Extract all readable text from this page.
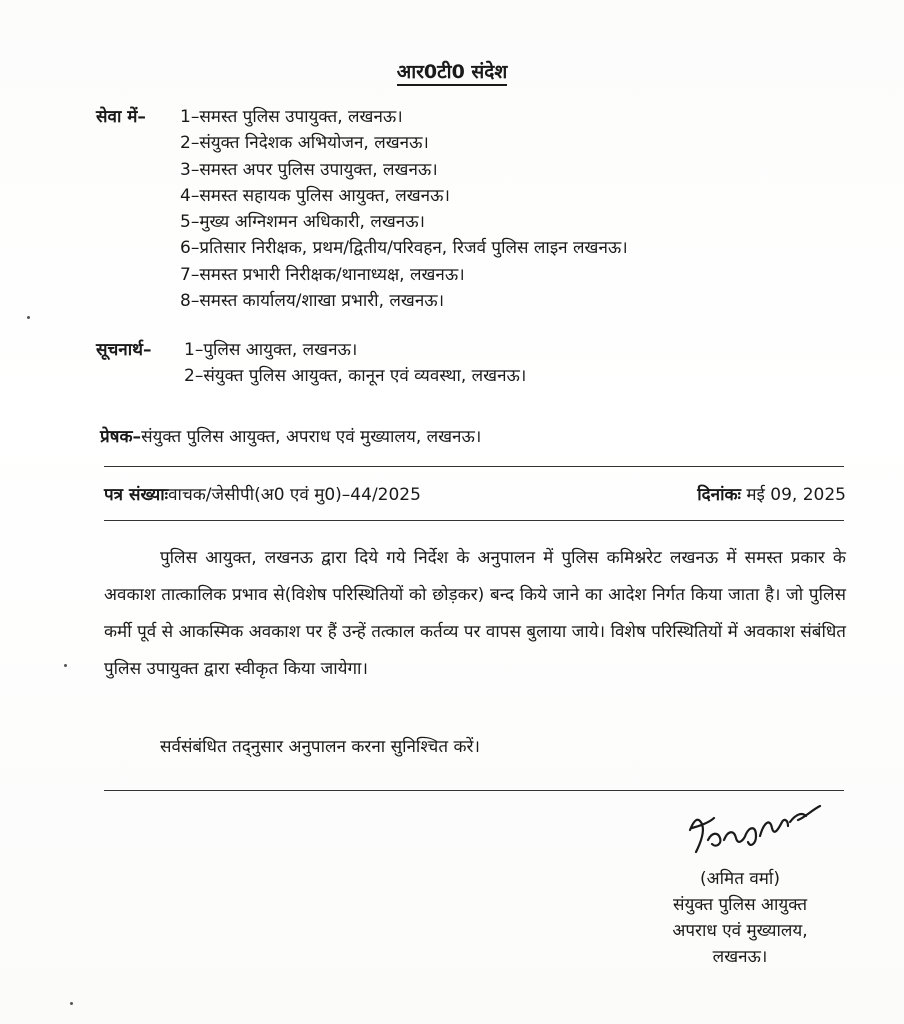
आर0टी0 संदेश
सेवा में– 1–समस्त पुलिस उपायुक्त, लखनऊ।
2–संयुक्त निदेशक अभियोजन, लखनऊ।
3–समस्त अपर पुलिस उपायुक्त, लखनऊ।
4–समस्त सहायक पुलिस आयुक्त, लखनऊ।
5–मुख्य अग्निशमन अधिकारी, लखनऊ।
6–प्रतिसार निरीक्षक, प्रथम/द्वितीय/परिवहन, रिजर्व पुलिस लाइन लखनऊ।
7–समस्त प्रभारी निरीक्षक/थानाध्यक्ष, लखनऊ।
8–समस्त कार्यालय/शाखा प्रभारी, लखनऊ।
सूचनार्थ– 1–पुलिस आयुक्त, लखनऊ।
2–संयुक्त पुलिस आयुक्त, कानून एवं व्यवस्था, लखनऊ।
प्रेषक–संयुक्त पुलिस आयुक्त, अपराध एवं मुख्यालय, लखनऊ।
पत्र संख्याःवाचक/जेसीपी(अ0 एवं मु0)–44/2025	दिनांकः मई 09, 2025

पुलिस आयुक्त, लखनऊ द्वारा दिये गये निर्देश के अनुपालन में पुलिस कमिश्नरेट लखनऊ में समस्त प्रकार के अवकाश तात्कालिक प्रभाव से(विशेष परिस्थितियों को छोड़कर) बन्द किये जाने का आदेश निर्गत किया जाता है। जो पुलिस कर्मी पूर्व से आकस्मिक अवकाश पर हैं उन्हें तत्काल कर्तव्य पर वापस बुलाया जाये। विशेष परिस्थितियों में अवकाश संबंधित पुलिस उपायुक्त द्वारा स्वीकृत किया जायेगा।

सर्वसंबंधित तद्नुसार अनुपालन करना सुनिश्चित करें।
(अमित वर्मा)
संयुक्त पुलिस आयुक्त
अपराध एवं मुख्यालय,
लखनऊ।
